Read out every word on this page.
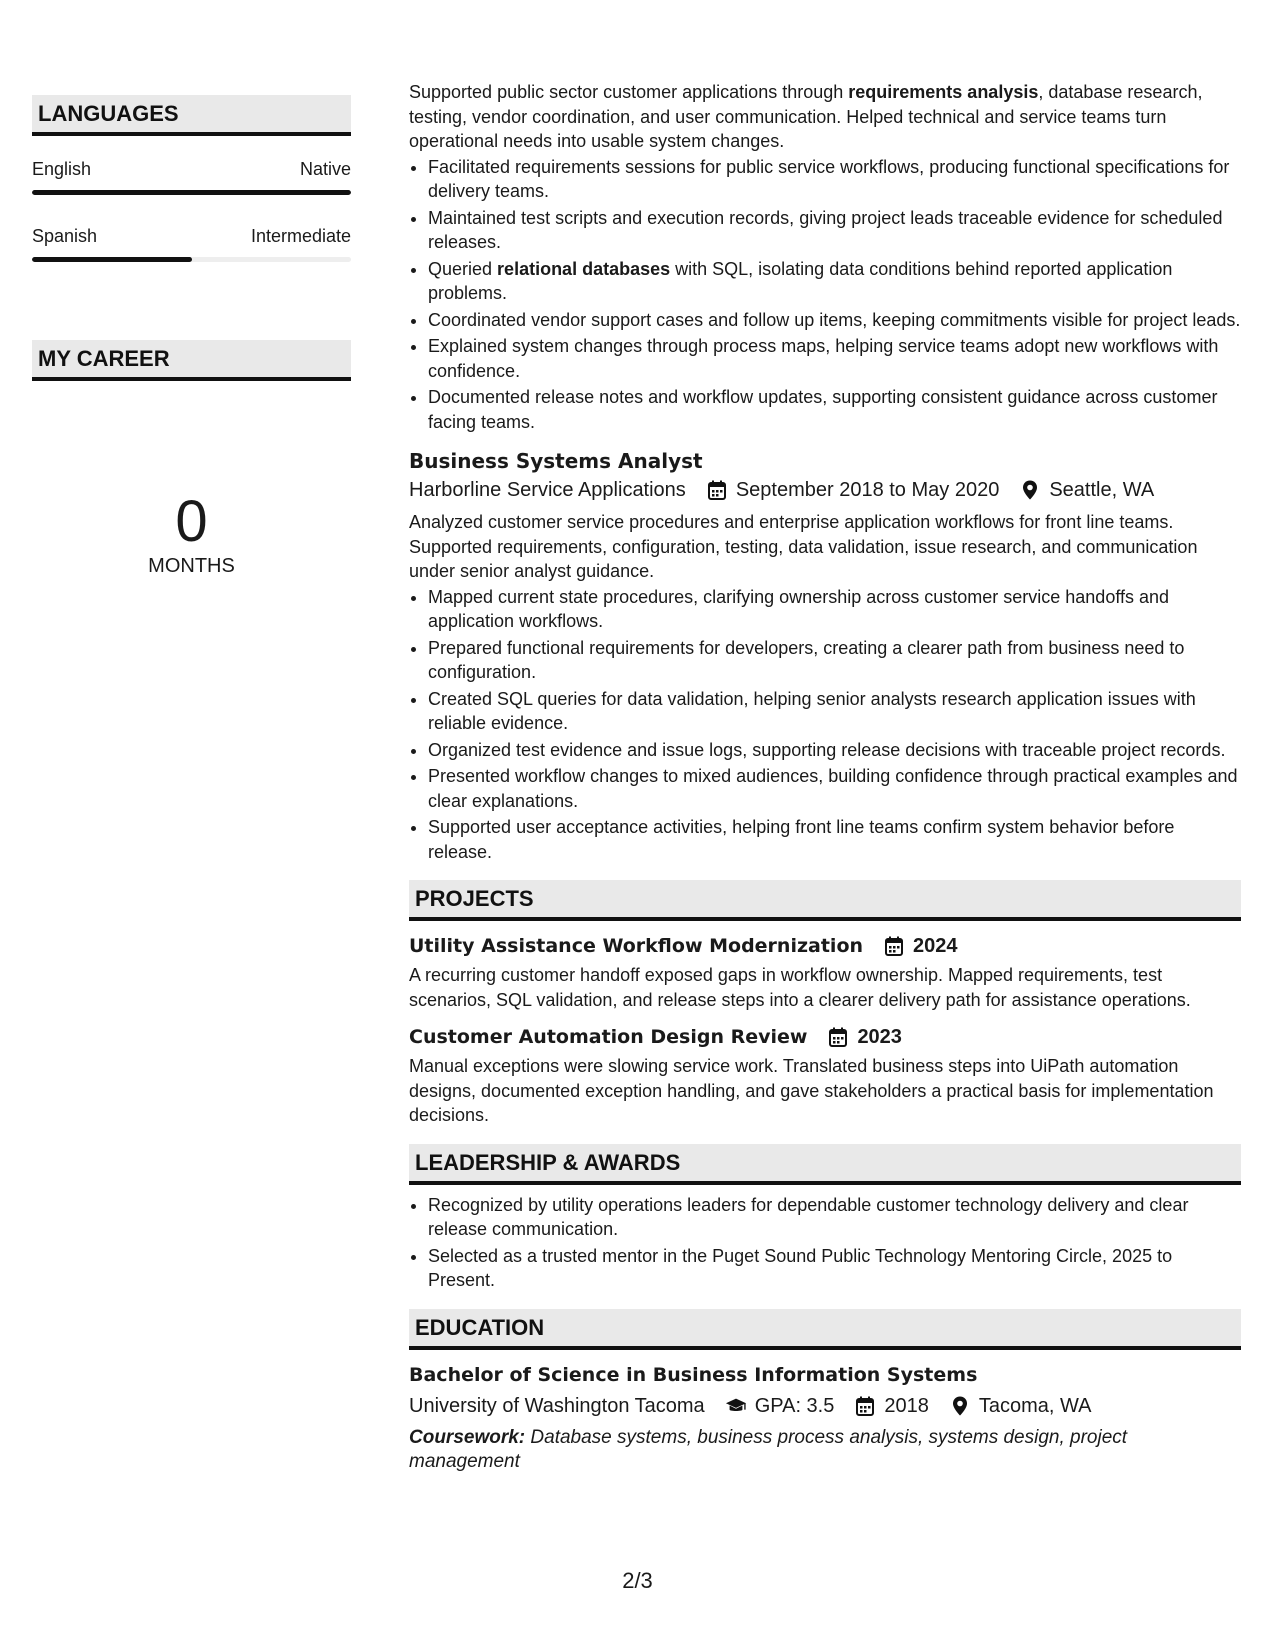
LANGUAGES
English	Native
Spanish	Intermediate
MY CAREER
0
MONTHS

Supported public sector customer applications through requirements analysis, database research, testing, vendor coordination, and user communication. Helped technical and service teams turn operational needs into usable system changes.

• Facilitated requirements sessions for public service workflows, producing functional specifications for delivery teams.
• Maintained test scripts and execution records, giving project leads traceable evidence for scheduled releases.
• Queried relational databases with SQL, isolating data conditions behind reported application problems.
• Coordinated vendor support cases and follow up items, keeping commitments visible for project leads.
• Explained system changes through process maps, helping service teams adopt new workflows with confidence.
• Documented release notes and workflow updates, supporting consistent guidance across customer facing teams.
Business Systems Analyst
Harborline Service Applications	September 2018 to May 2020	Seattle, WA

Analyzed customer service procedures and enterprise application workflows for front line teams. Supported requirements, configuration, testing, data validation, issue research, and communication under senior analyst guidance.

• Mapped current state procedures, clarifying ownership across customer service handoffs and application workflows.
• Prepared functional requirements for developers, creating a clearer path from business need to configuration.
• Created SQL queries for data validation, helping senior analysts research application issues with reliable evidence.
• Organized test evidence and issue logs, supporting release decisions with traceable project records.
• Presented workflow changes to mixed audiences, building confidence through practical examples and clear explanations.
• Supported user acceptance activities, helping front line teams confirm system behavior before release.
PROJECTS
Utility Assistance Workflow Modernization	2024

A recurring customer handoff exposed gaps in workflow ownership. Mapped requirements, test scenarios, SQL validation, and release steps into a clearer delivery path for assistance operations.

Customer Automation Design Review	2023

Manual exceptions were slowing service work. Translated business steps into UiPath automation designs, documented exception handling, and gave stakeholders a practical basis for implementation decisions.

LEADERSHIP & AWARDS
• Recognized by utility operations leaders for dependable customer technology delivery and clear release communication.
• Selected as a trusted mentor in the Puget Sound Public Technology Mentoring Circle, 2025 to Present.
EDUCATION
Bachelor of Science in Business Information Systems
University of Washington Tacoma	GPA: 3.5	2018	Tacoma, WA

Coursework: Database systems, business process analysis, systems design, project management

2/3
